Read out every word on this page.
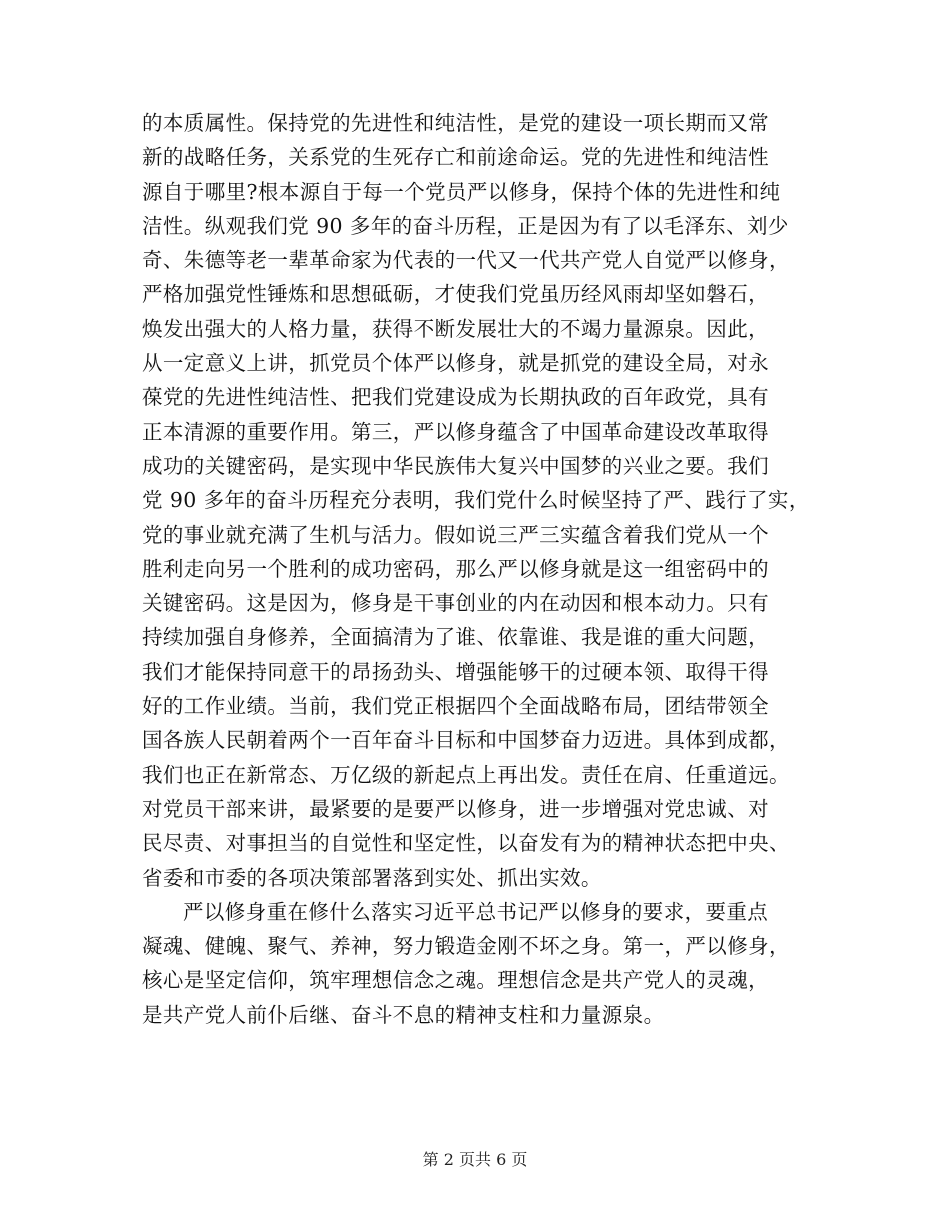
的本质属性。保持党的先进性和纯洁性，是党的建设一项长期而又常
新的战略任务，关系党的生死存亡和前途命运。党的先进性和纯洁性
源自于哪里?根本源自于每一个党员严以修身，保持个体的先进性和纯
洁性。纵观我们党 90 多年的奋斗历程，正是因为有了以毛泽东、刘少
奇、朱德等老一辈革命家为代表的一代又一代共产党人自觉严以修身，
严格加强党性锤炼和思想砥砺，才使我们党虽历经风雨却坚如磐石，
焕发出强大的人格力量，获得不断发展壮大的不竭力量源泉。因此，
从一定意义上讲，抓党员个体严以修身，就是抓党的建设全局，对永
葆党的先进性纯洁性、把我们党建设成为长期执政的百年政党，具有
正本清源的重要作用。第三，严以修身蕴含了中国革命建设改革取得
成功的关键密码，是实现中华民族伟大复兴中国梦的兴业之要。我们
党 90 多年的奋斗历程充分表明，我们党什么时候坚持了严、践行了实，
党的事业就充满了生机与活力。假如说三严三实蕴含着我们党从一个
胜利走向另一个胜利的成功密码，那么严以修身就是这一组密码中的
关键密码。这是因为，修身是干事创业的内在动因和根本动力。只有
持续加强自身修养，全面搞清为了谁、依靠谁、我是谁的重大问题，
我们才能保持同意干的昂扬劲头、增强能够干的过硬本领、取得干得
好的工作业绩。当前，我们党正根据四个全面战略布局，团结带领全
国各族人民朝着两个一百年奋斗目标和中国梦奋力迈进。具体到成都，
我们也正在新常态、万亿级的新起点上再出发。责任在肩、任重道远。
对党员干部来讲，最紧要的是要严以修身，进一步增强对党忠诚、对
民尽责、对事担当的自觉性和坚定性，以奋发有为的精神状态把中央、
省委和市委的各项决策部署落到实处、抓出实效。
严以修身重在修什么落实习近平总书记严以修身的要求，要重点
凝魂、健魄、聚气、养神，努力锻造金刚不坏之身。第一，严以修身，
核心是坚定信仰，筑牢理想信念之魂。理想信念是共产党人的灵魂，
是共产党人前仆后继、奋斗不息的精神支柱和力量源泉。
第 2 页共 6 页
